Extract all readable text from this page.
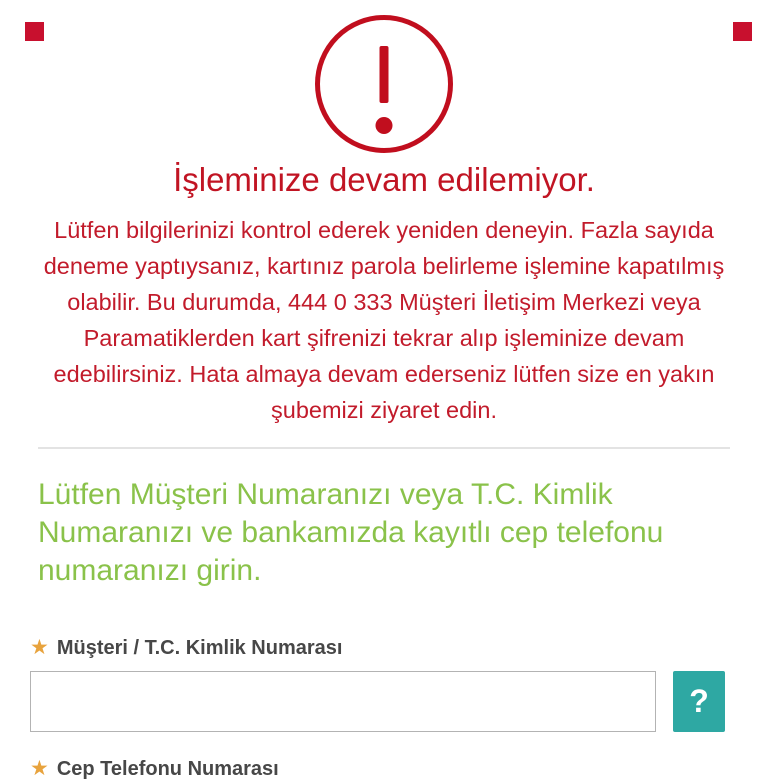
İşleminize devam edilemiyor.

Lütfen bilgilerinizi kontrol ederek yeniden deneyin. Fazla sayıda deneme yaptıysanız, kartınız parola belirleme işlemine kapatılmış olabilir. Bu durumda, 444 0 333 Müşteri İletişim Merkezi veya Paramatiklerden kart şifrenizi tekrar alıp işleminize devam edebilirsiniz. Hata almaya devam ederseniz lütfen size en yakın şubemizi ziyaret edin.

Lütfen Müşteri Numaranızı veya T.C. Kimlik Numaranızı ve bankamızda kayıtlı cep telefonu numaranızı girin.
★ Müşteri / T.C. Kimlik Numarası
?
★ Cep Telefonu Numarası
